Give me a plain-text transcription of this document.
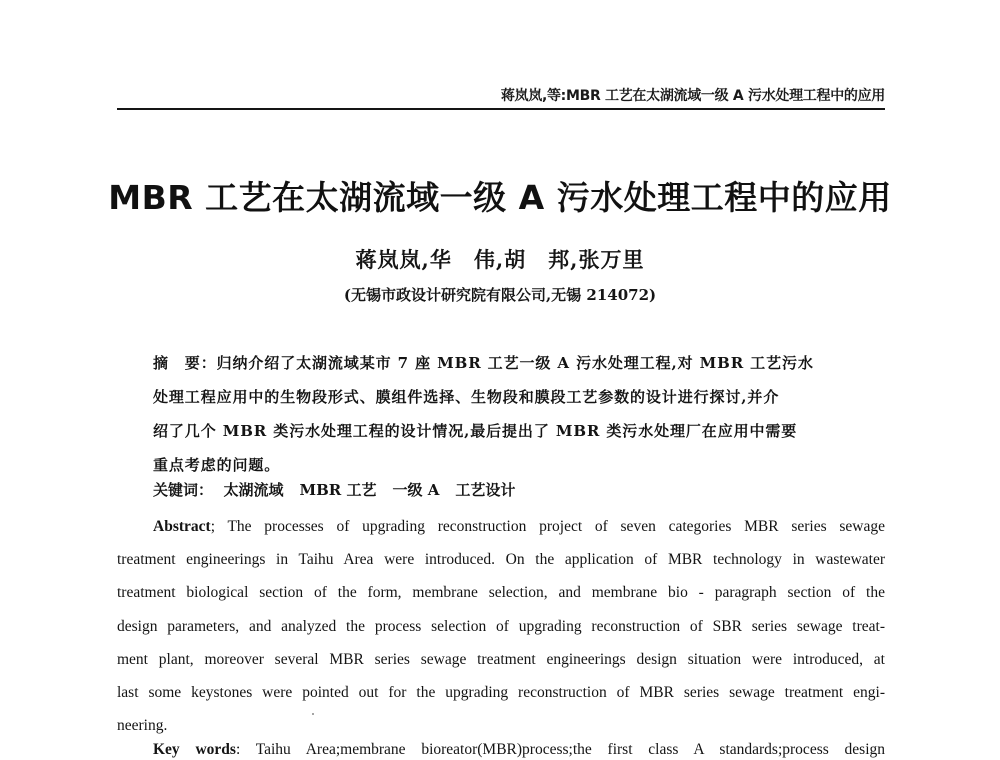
蒋岚岚,等:MBR 工艺在太湖流域一级 A 污水处理工程中的应用
MBR 工艺在太湖流域一级 A 污水处理工程中的应用
蒋岚岚,华　伟,胡　邦,张万里
(无锡市政设计研究院有限公司,无锡 214072)
摘　要：归纳介绍了太湖流域某市 7 座 MBR 工艺一级 A 污水处理工程,对 MBR 工艺污水
处理工程应用中的生物段形式、膜组件选择、生物段和膜段工艺参数的设计进行探讨,并介
绍了几个 MBR 类污水处理工程的设计情况,最后提出了 MBR 类污水处理厂在应用中需要
重点考虑的问题。
关键词： 太湖流域 MBR 工艺 一级 A 工艺设计
Abstract; The processes of upgrading reconstruction project of seven categories MBR series sewage
treatment engineerings in Taihu Area were introduced. On the application of MBR technology in wastewater
treatment biological section of the form, membrane selection, and membrane bio - paragraph section of the
design parameters, and analyzed the process selection of upgrading reconstruction of SBR series sewage treat-
ment plant, moreover several MBR series sewage treatment engineerings design situation were introduced, at
last some keystones were pointed out for the upgrading reconstruction of MBR series sewage treatment engi-
neering.
Key words: Taihu Area;membrane bioreator(MBR)process;the first class A standards;process design
